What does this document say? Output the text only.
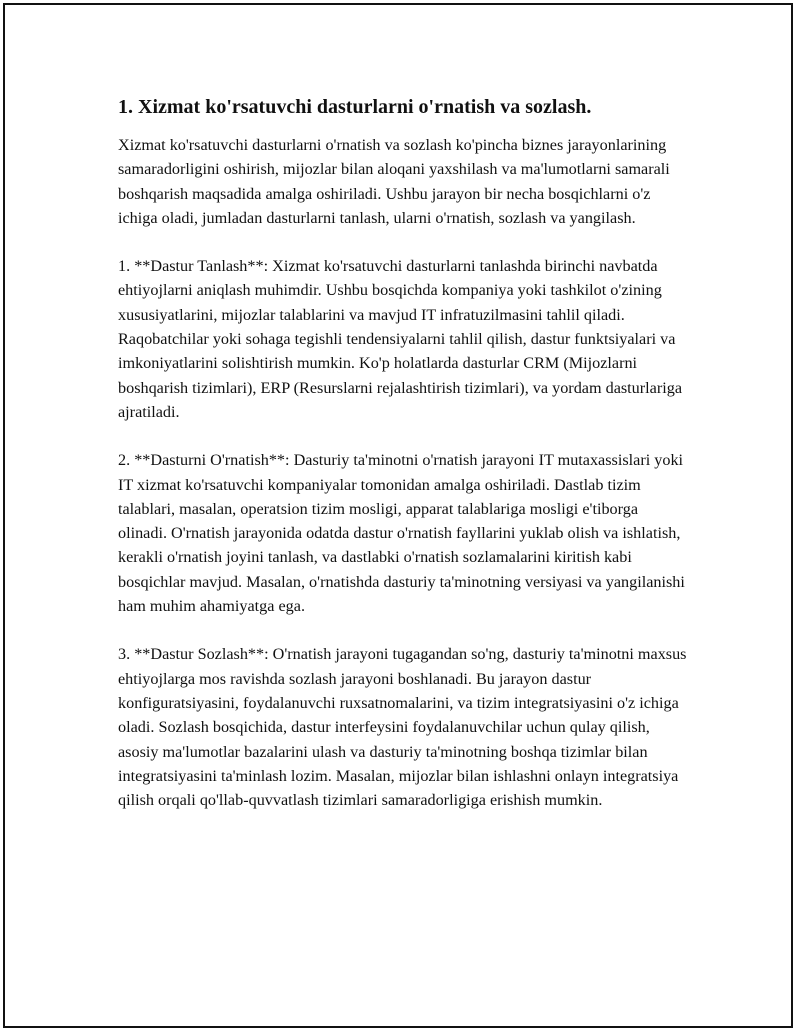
1. Xizmat ko'rsatuvchi dasturlarni o'rnatish va sozlash.

Xizmat ko'rsatuvchi dasturlarni o'rnatish va sozlash ko'pincha biznes jarayonlarining samaradorligini oshirish, mijozlar bilan aloqani yaxshilash va ma'lumotlarni samarali boshqarish maqsadida amalga oshiriladi. Ushbu jarayon bir necha bosqichlarni o'z ichiga oladi, jumladan dasturlarni tanlash, ularni o'rnatish, sozlash va yangilash.

1. **Dastur Tanlash**: Xizmat ko'rsatuvchi dasturlarni tanlashda birinchi navbatda ehtiyojlarni aniqlash muhimdir. Ushbu bosqichda kompaniya yoki tashkilot o'zining xususiyatlarini, mijozlar talablarini va mavjud IT infratuzilmasini tahlil qiladi. Raqobatchilar yoki sohaga tegishli tendensiyalarni tahlil qilish, dastur funktsiyalari va imkoniyatlarini solishtirish mumkin. Ko'p holatlarda dasturlar CRM (Mijozlarni boshqarish tizimlari), ERP (Resurslarni rejalashtirish tizimlari), va yordam dasturlariga ajratiladi.

2. **Dasturni O'rnatish**: Dasturiy ta'minotni o'rnatish jarayoni IT mutaxassislari yoki IT xizmat ko'rsatuvchi kompaniyalar tomonidan amalga oshiriladi. Dastlab tizim talablari, masalan, operatsion tizim mosligi, apparat talablariga mosligi e'tiborga olinadi. O'rnatish jarayonida odatda dastur o'rnatish fayllarini yuklab olish va ishlatish, kerakli o'rnatish joyini tanlash, va dastlabki o'rnatish sozlamalarini kiritish kabi bosqichlar mavjud. Masalan, o'rnatishda dasturiy ta'minotning versiyasi va yangilanishi ham muhim ahamiyatga ega.

3. **Dastur Sozlash**: O'rnatish jarayoni tugagandan so'ng, dasturiy ta'minotni maxsus ehtiyojlarga mos ravishda sozlash jarayoni boshlanadi. Bu jarayon dastur konfiguratsiyasini, foydalanuvchi ruxsatnomalarini, va tizim integratsiyasini o'z ichiga oladi. Sozlash bosqichida, dastur interfeysini foydalanuvchilar uchun qulay qilish, asosiy ma'lumotlar bazalarini ulash va dasturiy ta'minotning boshqa tizimlar bilan integratsiyasini ta'minlash lozim. Masalan, mijozlar bilan ishlashni onlayn integratsiya qilish orqali qo'llab-quvvatlash tizimlari samaradorligiga erishish mumkin.
